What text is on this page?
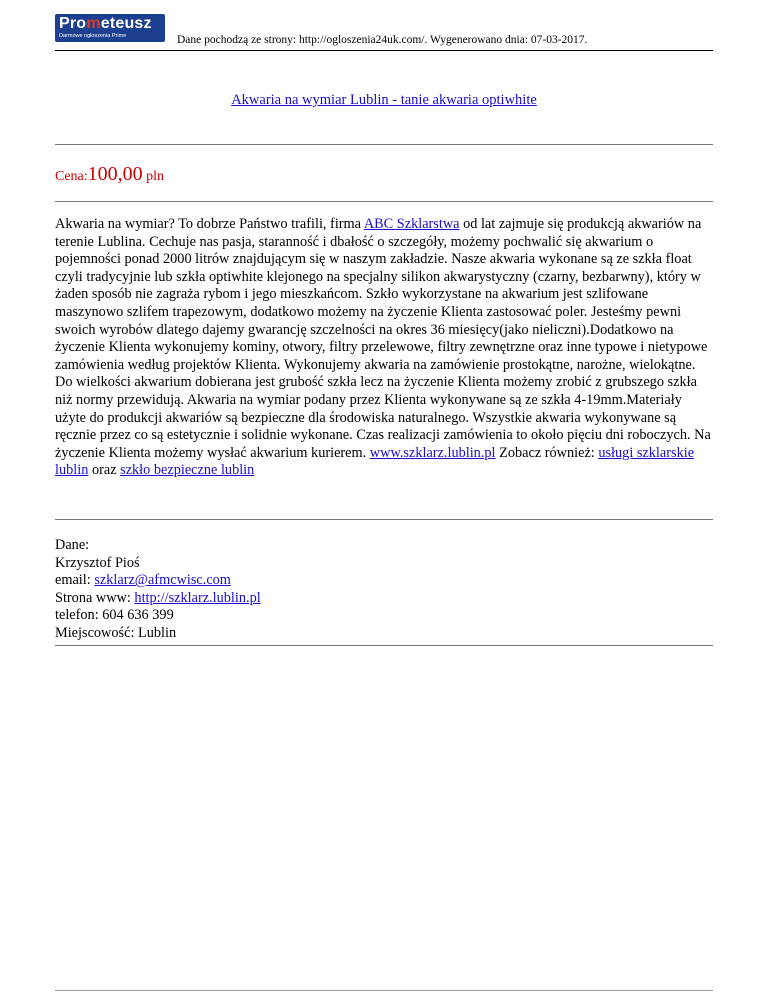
Prometeusz
Darmowe ogłoszenia Prime	Dane pochodzą ze strony: http://ogloszenia24uk.com/. Wygenerowano dnia: 07-03-2017.
Akwaria na wymiar Lublin - tanie akwaria optiwhite
Cena:100,00 pln
Akwaria na wymiar? To dobrze Państwo trafili, firma ABC Szklarstwa od lat zajmuje się produkcją akwariów na terenie Lublina. Cechuje nas pasja, staranność i dbałość o szczegóły, możemy pochwalić się akwarium o pojemności ponad 2000 litrów znajdującym się w naszym zakładzie. Nasze akwaria wykonane są ze szkła float czyli tradycyjnie lub szkła optiwhite klejonego na specjalny silikon akwarystyczny (czarny, bezbarwny), który w żaden sposób nie zagraża rybom i jego mieszkańcom. Szkło wykorzystane na akwarium jest szlifowane maszynowo szlifem trapezowym, dodatkowo możemy na życzenie Klienta zastosować poler. Jesteśmy pewni swoich wyrobów dlatego dajemy gwarancję szczelności na okres 36 miesięcy(jako nieliczni).Dodatkowo na życzenie Klienta wykonujemy kominy, otwory, filtry przelewowe, filtry zewnętrzne oraz inne typowe i nietypowe zamówienia według projektów Klienta. Wykonujemy akwaria na zamówienie prostokątne, narożne, wielokątne. Do wielkości akwarium dobierana jest grubość szkła lecz na życzenie Klienta możemy zrobić z grubszego szkła niż normy przewidują. Akwaria na wymiar podany przez Klienta wykonywane są ze szkła 4-19mm.Materiały użyte do produkcji akwariów są bezpieczne dla środowiska naturalnego. Wszystkie akwaria wykonywane są ręcznie przez co są estetycznie i solidnie wykonane. Czas realizacji zamówienia to około pięciu dni roboczych. Na życzenie Klienta możemy wysłać akwarium kurierem. www.szklarz.lublin.pl Zobacz również: usługi szklarskie lublin oraz szkło bezpieczne lublin
Dane:
Krzysztof Pioś
email: szklarz@afmcwisc.com
Strona www: http://szklarz.lublin.pl
telefon: 604 636 399
Miejscowość: Lublin
